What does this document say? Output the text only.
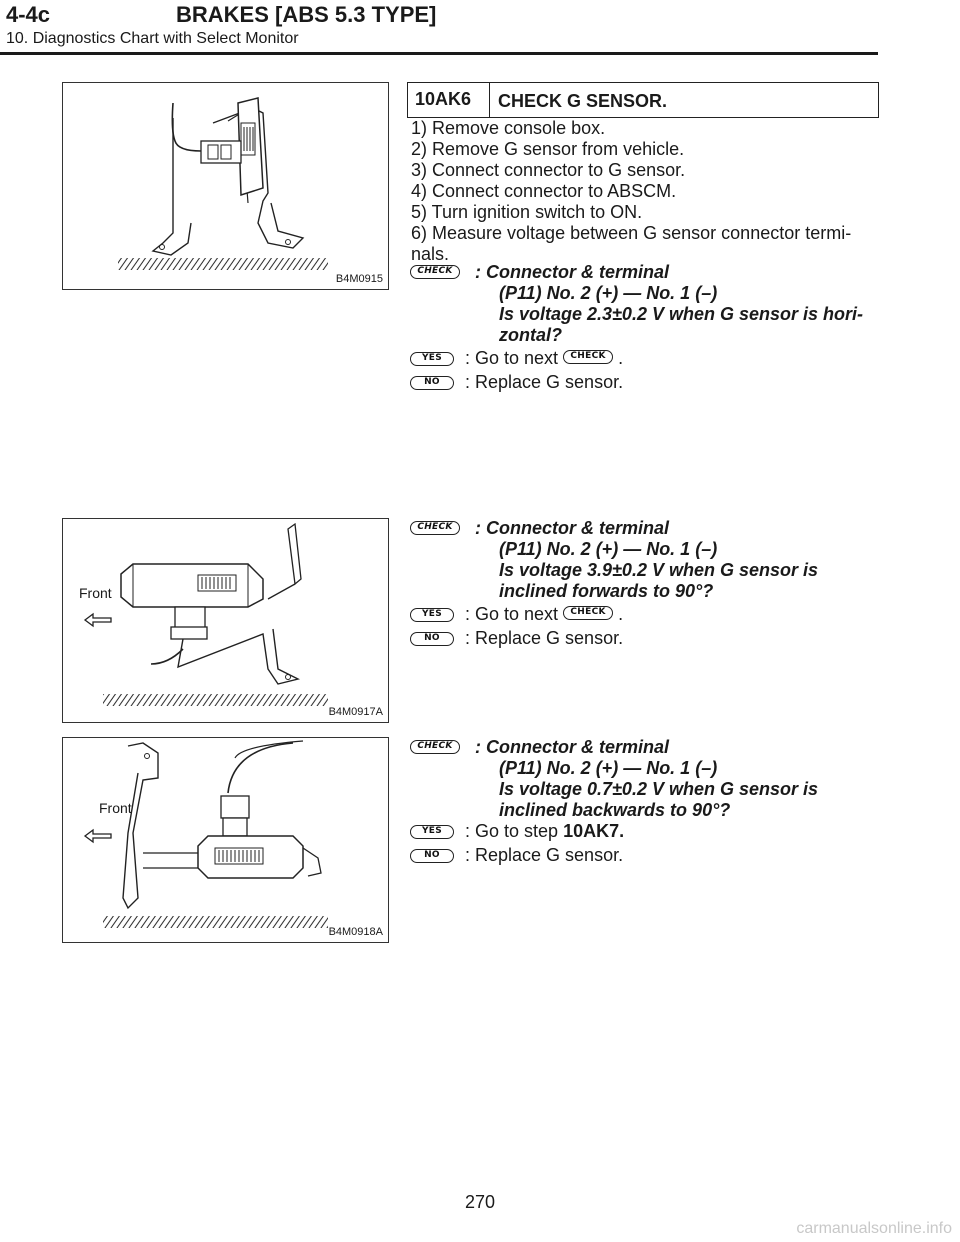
4-4c	BRAKES [ABS 5.3 TYPE]
10. Diagnostics Chart with Select Monitor
B4M0915
10AK6	CHECK G SENSOR.
1) Remove console box.
2) Remove G sensor from vehicle.
3) Connect connector to G sensor.
4) Connect connector to ABSCM.
5) Turn ignition switch to ON.
6) Measure voltage between G sensor connector termi-
nals.
CHECK	: Connector & terminal
(P11) No. 2 (+) — No. 1 (–)
Is voltage 2.3±0.2 V when G sensor is hori-
zontal?
YES	: Go to next CHECK .
NO	: Replace G sensor.
Front
B4M0917A
CHECK	: Connector & terminal
(P11) No. 2 (+) — No. 1 (–)
Is voltage 3.9±0.2 V when G sensor is
inclined forwards to 90°?
YES	: Go to next CHECK .
NO	: Replace G sensor.
Front
B4M0918A
CHECK	: Connector & terminal
(P11) No. 2 (+) — No. 1 (–)
Is voltage 0.7±0.2 V when G sensor is
inclined backwards to 90°?
YES	: Go to step 10AK7.
NO	: Replace G sensor.
270
carmanualsonline.info
